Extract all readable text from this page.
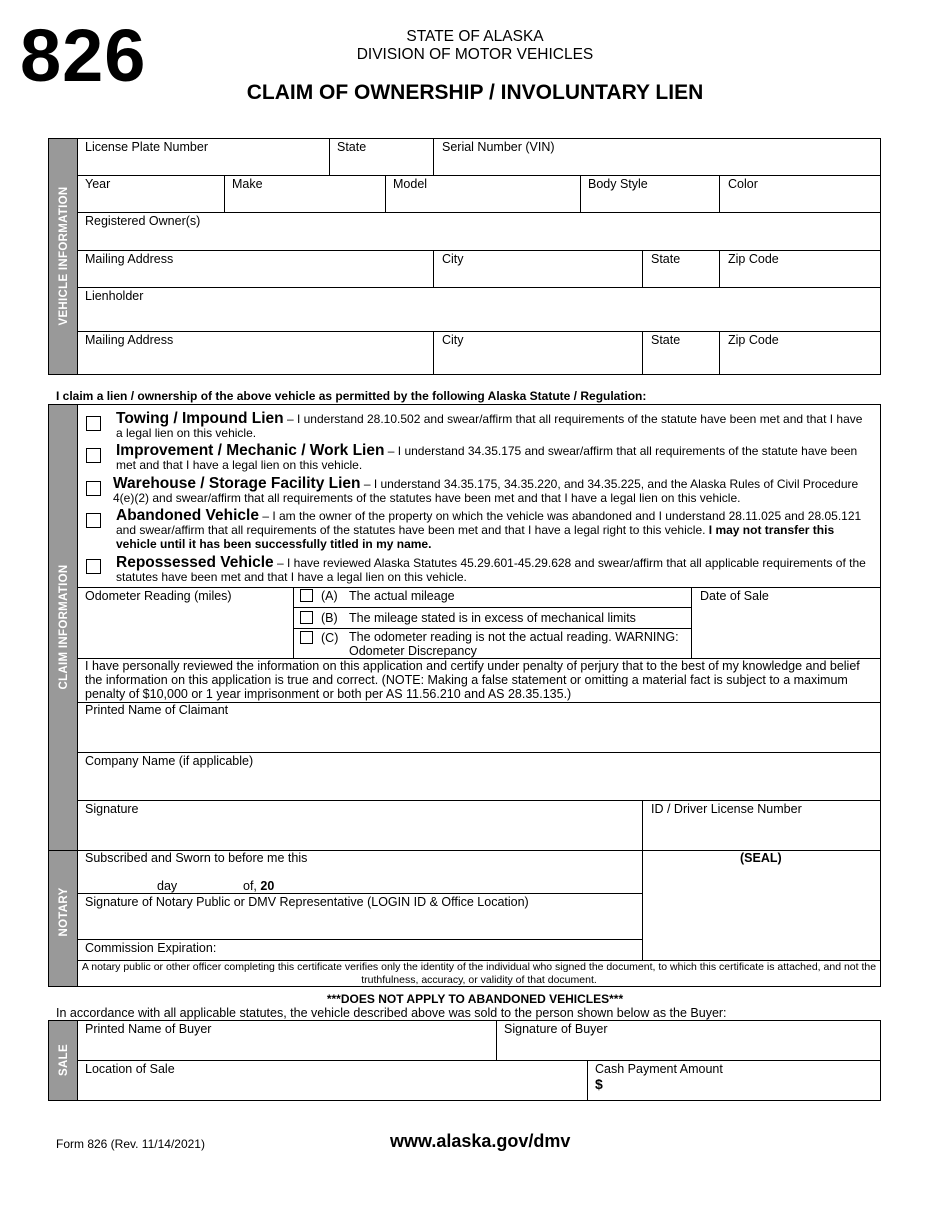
826	STATE OF ALASKA
DIVISION OF MOTOR VEHICLES
CLAIM OF OWNERSHIP / INVOLUNTARY LIEN
VEHICLE INFORMATION
License Plate Number	State	Serial Number (VIN)
Year	Make	Model	Body Style	Color
Registered Owner(s)
Mailing Address	City	State	Zip Code
Lienholder
Mailing Address	City	State	Zip Code
I claim a lien / ownership of the above vehicle as permitted by the following Alaska Statute / Regulation:
CLAIM INFORMATION
Towing / Impound Lien – I understand 28.10.502 and swear/affirm that all requirements of the statute have been met and that I have a legal lien on this vehicle.
Improvement / Mechanic / Work Lien – I understand 34.35.175 and swear/affirm that all requirements of the statute have been met and that I have a legal lien on this vehicle.
Warehouse / Storage Facility Lien – I understand 34.35.175, 34.35.220, and 34.35.225, and the Alaska Rules of Civil Procedure 4(e)(2) and swear/affirm that all requirements of the statutes have been met and that I have a legal lien on this vehicle.
Abandoned Vehicle – I am the owner of the property on which the vehicle was abandoned and I understand 28.11.025 and 28.05.121 and swear/affirm that all requirements of the statutes have been met and that I have a legal right to this vehicle. I may not transfer this vehicle until it has been successfully titled in my name.
Repossessed Vehicle – I have reviewed Alaska Statutes 45.29.601-45.29.628 and swear/affirm that all applicable requirements of the statutes have been met and that I have a legal lien on this vehicle.
Odometer Reading (miles)	(A) The actual mileage
(B) The mileage stated is in excess of mechanical limits
(C) The odometer reading is not the actual reading. WARNING: Odometer Discrepancy
Date of Sale
I have personally reviewed the information on this application and certify under penalty of perjury that to the best of my knowledge and belief the information on this application is true and correct. (NOTE: Making a false statement or omitting a material fact is subject to a maximum penalty of $10,000 or 1 year imprisonment or both per AS 11.56.210 and AS 28.35.135.)
Printed Name of Claimant
Company Name (if applicable)
Signature	ID / Driver License Number
NOTARY
Subscribed and Sworn to before me this
day	of, 20
(SEAL)
Signature of Notary Public or DMV Representative (LOGIN ID & Office Location)
Commission Expiration:
A notary public or other officer completing this certificate verifies only the identity of the individual who signed the document, to which this certificate is attached, and not the truthfulness, accuracy, or validity of that document.
***DOES NOT APPLY TO ABANDONED VEHICLES***
In accordance with all applicable statutes, the vehicle described above was sold to the person shown below as the Buyer:
SALE
Printed Name of Buyer	Signature of Buyer
Location of Sale	Cash Payment Amount
$
Form 826 (Rev. 11/14/2021)	www.alaska.gov/dmv
